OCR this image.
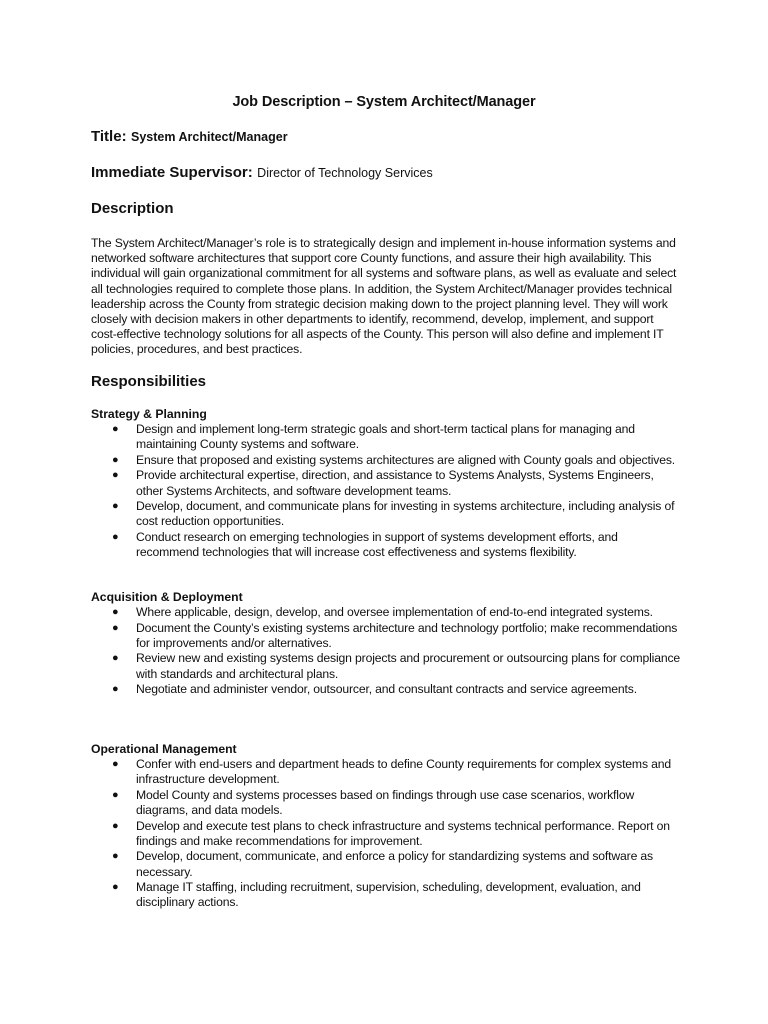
Job Description – System Architect/Manager
Title: System Architect/Manager
Immediate Supervisor: Director of Technology Services
Description
The System Architect/Manager’s role is to strategically design and implement in-house information systems and networked software architectures that support core County functions, and assure their high availability. This individual will gain organizational commitment for all systems and software plans, as well as evaluate and select all technologies required to complete those plans. In addition, the System Architect/Manager provides technical leadership across the County from strategic decision making down to the project planning level. They will work closely with decision makers in other departments to identify, recommend, develop, implement, and support cost-effective technology solutions for all aspects of the County. This person will also define and implement IT policies, procedures, and best practices.
Responsibilities
Strategy & Planning
● Design and implement long-term strategic goals and short-term tactical plans for managing and maintaining County systems and software.
● Ensure that proposed and existing systems architectures are aligned with County goals and objectives.
● Provide architectural expertise, direction, and assistance to Systems Analysts, Systems Engineers, other Systems Architects, and software development teams.
● Develop, document, and communicate plans for investing in systems architecture, including analysis of cost reduction opportunities.
● Conduct research on emerging technologies in support of systems development efforts, and recommend technologies that will increase cost effectiveness and systems flexibility.
Acquisition & Deployment
● Where applicable, design, develop, and oversee implementation of end-to-end integrated systems.
● Document the County’s existing systems architecture and technology portfolio; make recommendations for improvements and/or alternatives.
● Review new and existing systems design projects and procurement or outsourcing plans for compliance with standards and architectural plans.
● Negotiate and administer vendor, outsourcer, and consultant contracts and service agreements.
Operational Management
● Confer with end-users and department heads to define County requirements for complex systems and infrastructure development.
● Model County and systems processes based on findings through use case scenarios, workflow diagrams, and data models.
● Develop and execute test plans to check infrastructure and systems technical performance. Report on findings and make recommendations for improvement.
● Develop, document, communicate, and enforce a policy for standardizing systems and software as necessary.
● Manage IT staffing, including recruitment, supervision, scheduling, development, evaluation, and disciplinary actions.
